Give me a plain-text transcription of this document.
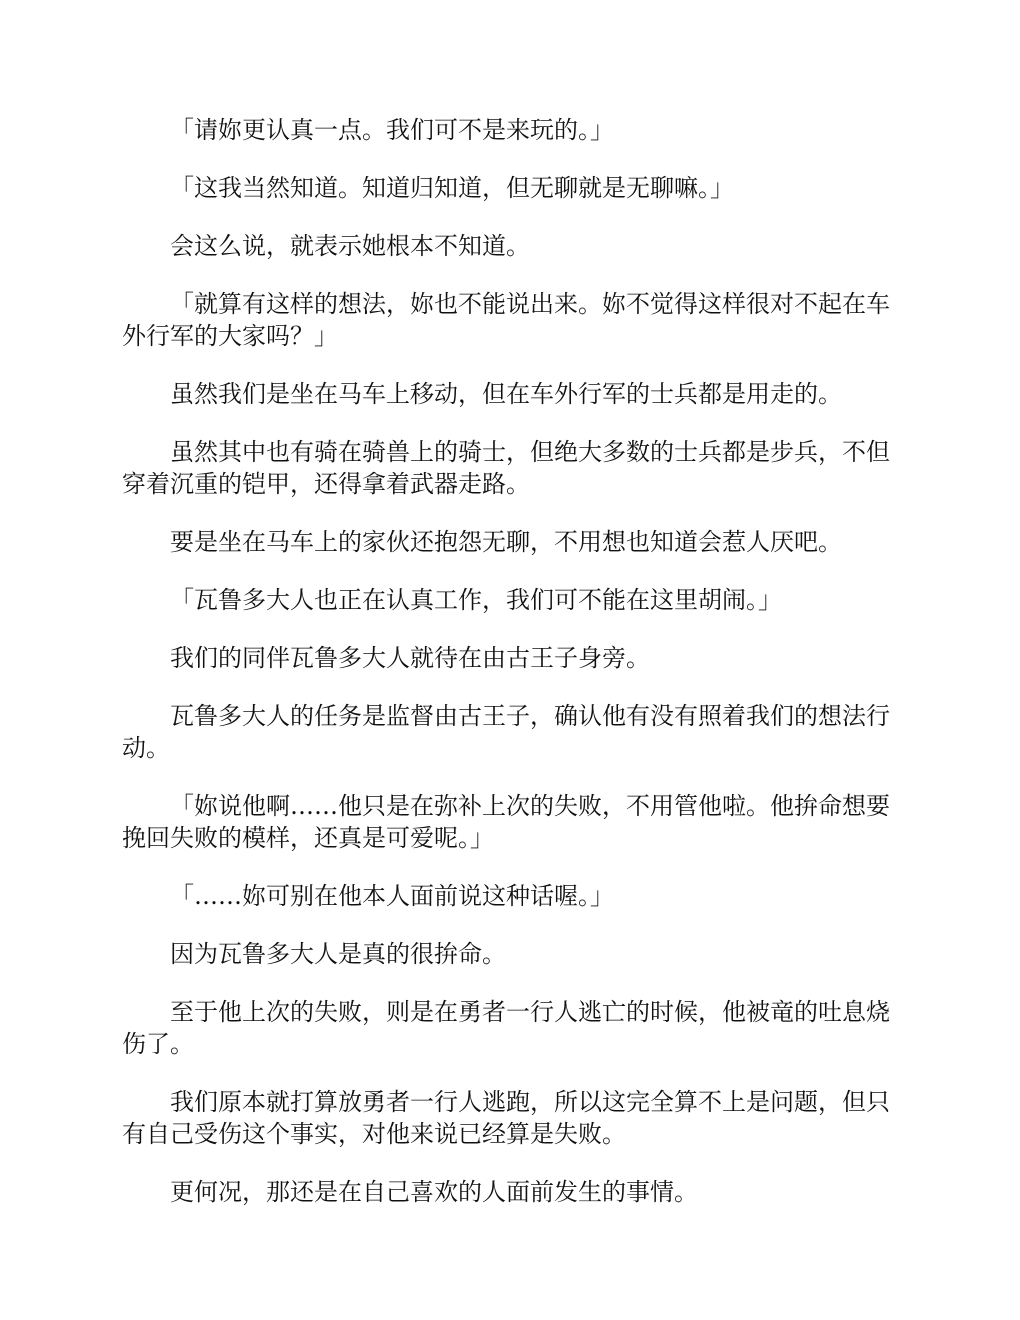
「请妳更认真一点。我们可不是来玩的。」

「这我当然知道。知道归知道，但无聊就是无聊嘛。」

会这么说，就表示她根本不知道。

「就算有这样的想法，妳也不能说出来。妳不觉得这样很对不起在车外行军的大家吗？」

虽然我们是坐在马车上移动，但在车外行军的士兵都是用走的。

虽然其中也有骑在骑兽上的骑士，但绝大多数的士兵都是步兵，不但穿着沉重的铠甲，还得拿着武器走路。

要是坐在马车上的家伙还抱怨无聊，不用想也知道会惹人厌吧。

「瓦鲁多大人也正在认真工作，我们可不能在这里胡闹。」

我们的同伴瓦鲁多大人就待在由古王子身旁。

瓦鲁多大人的任务是监督由古王子，确认他有没有照着我们的想法行动。

「妳说他啊……他只是在弥补上次的失败，不用管他啦。他拚命想要挽回失败的模样，还真是可爱呢。」

「……妳可别在他本人面前说这种话喔。」

因为瓦鲁多大人是真的很拚命。

至于他上次的失败，则是在勇者一行人逃亡的时候，他被竜的吐息烧伤了。

我们原本就打算放勇者一行人逃跑，所以这完全算不上是问题，但只有自己受伤这个事实，对他来说已经算是失败。

更何况，那还是在自己喜欢的人面前发生的事情。
